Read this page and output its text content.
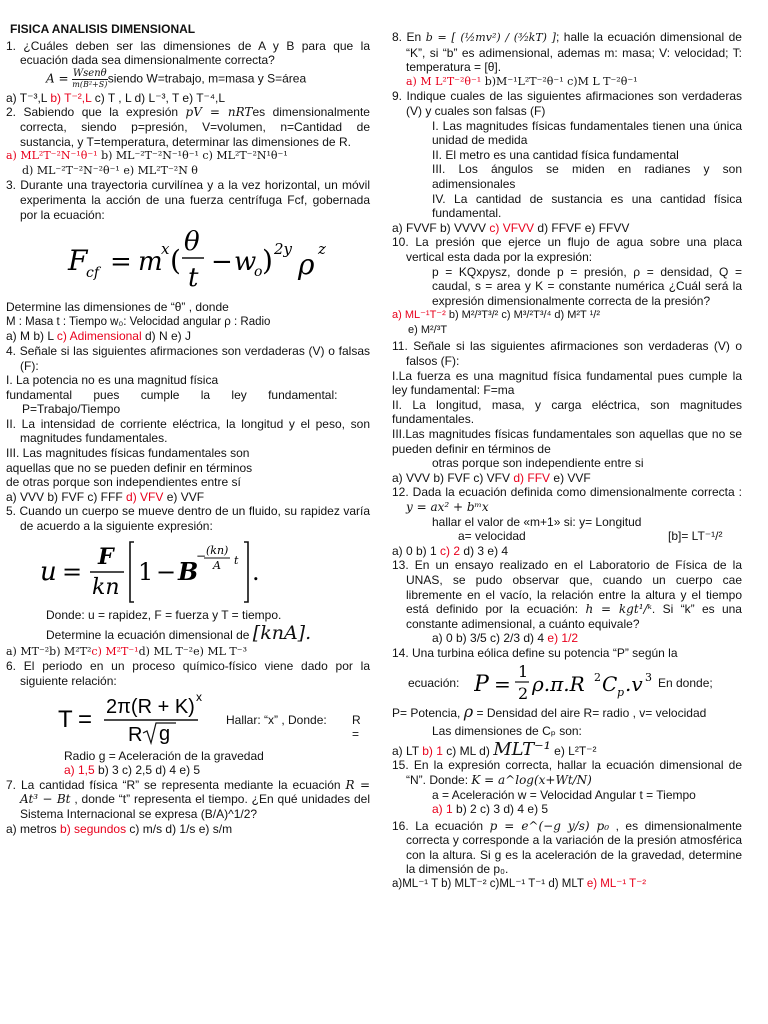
FISICA ANALISIS DIMENSIONAL

1. ¿Cuáles deben ser las dimensiones de A y B para que la ecuación dada sea dimensionalmente correcta?

$A = \frac{\text{Wsenθ}}{\text{m(B²+S)}}$ siendo W=trabajo, m=masa y S=área

a) T⁻³,L b) T⁻²,L c) T , L d) L⁻³, T e) T⁻⁴,L

2. Sabiendo que la expresión pV = nRTes dimensionalmente correcta, siendo p=presión, V=volumen, n=Cantidad de sustancia, y T=temperatura, determinar las dimensiones de R.

a) ML²T⁻²N⁻¹θ⁻¹ b) ML⁻²T⁻²N⁻¹θ⁻¹ c) ML²T⁻²N¹θ⁻¹

d) ML⁻²T⁻²N⁻²θ⁻¹ e) ML²T⁻²N θ

3. Durante una trayectoria curvilínea y a la vez horizontal, un móvil experimenta la acción de una fuerza centrífuga Fcf, gobernada por la ecuación:

F
cf = m
x (
θ
t
− w
o ) 2y ρ z

Determine las dimensiones de “θ” , donde

M : Masa t : Tiempo w₀: Velocidad angular ρ : Radio

a) M b) L c) Adimensional d) N e) J

4. Señale si las siguientes afirmaciones son verdaderas (V) o falsas (F):

I. La potencia no es una magnitud física

fundamental pues cumple la ley fundamental:

P=Trabajo/Tiempo

II. La intensidad de corriente eléctrica, la longitud y el peso, son magnitudes fundamentales.

III. Las magnitudes físicas fundamentales son

aquellas que no se pueden definir en términos

de otras porque son independientes entre sí

a) VVV b) FVF c) FFF d) VFV e) VVF

5. Cuando un cuerpo se mueve dentro de un fluido, su rapidez varía de acuerdo a la siguiente expresión:

u =
F
kn
1 − B
− (kn)
A t .

Donde: u = rapidez, F = fuerza y T = tiempo.

Determine la ecuación dimensional de [knA].

a) MT⁻²b) M²T²c) M²T⁻¹d) ML T⁻²e) ML T⁻³

6. El periodo en un proceso químico-físico viene dado por la siguiente relación:

T = 2π(R + K) x
R g
Hallar: “x” , Donde: R =

Radio g = Aceleración de la gravedad

a) 1,5 b) 3 c) 2,5 d) 4 e) 5

7. La cantidad física “R” se representa mediante la ecuación R = At³ − Bt , donde “t” representa el tiempo. ¿En qué unidades del Sistema Internacional se expresa (B/A)^1/2?

a) metros b) segundos c) m/s d) 1/s e) s/m

8. En b = [ (½mv²) / (³⁄₂kT) ]; halle la ecuación dimensional de “K”, si “b” es adimensional, ademas m: masa; V: velocidad; T: temperatura = [θ].

a) M L²T⁻²θ⁻¹ b)M⁻¹L²T⁻²θ⁻¹ c)M L T⁻²θ⁻¹

9. Indique cuales de las siguientes afirmaciones son verdaderas (V) y cuales son falsas (F)

I. Las magnitudes físicas fundamentales tienen una única unidad de medida

II. El metro es una cantidad física fundamental

III. Los ángulos se miden en radianes y son adimensionales

IV. La cantidad de sustancia es una cantidad física fundamental.

a) FVVF b) VVVV c) VFVV d) FFVF e) FFVV

10. La presión que ejerce un flujo de agua sobre una placa vertical esta dada por la expresión:

p = KQxρysz, donde p = presión, ρ = densidad, Q = caudal, s = area y K = constante numérica ¿Cuál será la expresión dimensionalmente correcta de la presión?

a) ML⁻¹T⁻² b) M²/³T³/² c) M³/²T³/⁴ d) M²T ¹/²

e) M²/³T

11. Señale si las siguientes afirmaciones son verdaderas (V) o falsos (F):

I.La fuerza es una magnitud física fundamental pues cumple la ley fundamental: F=ma

II. La longitud, masa, y carga eléctrica, son magnitudes fundamentales.

III.Las magnitudes físicas fundamentales son aquellas que no se pueden definir en términos de

otras porque son independiente entre si

a) VVV b) FVF c) VFV d) FFV e) VVF

12. Dada la ecuación definida como dimensionalmente correcta : y = ax² + bᵐx

hallar el valor de «m+1» si: y= Longitud

a= velocidad	[b]= LT⁻¹/²

a) 0 b) 1 c) 2 d) 3 e) 4

13. En un ensayo realizado en el Laboratorio de Física de la UNAS, se pudo observar que, cuando un cuerpo cae libremente en el vacío, la relación entre la altura y el tiempo está definido por la ecuación: h = kgt¹/ᵏ. Si “k” es una constante adimensional, a cuánto equivale?

a) 0 b) 3/5 c) 2/3 d) 4 e) 1/2

14. Una turbina eólica define su potencia “P” según la

ecuación: P =
1
2 ρ.π.R 2 C p .v 3 En donde;

P= Potencia, ρ = Densidad del aire R= radio , v= velocidad

Las dimensiones de Cₚ son:

a) LT b) 1 c) ML d) MLT⁻¹ e) L²T⁻²

15. En la expresión correcta, hallar la ecuación dimensional de “N”. Donde: K = a^log(x+Wt/N)

a = Aceleración w = Velocidad Angular t = Tiempo

a) 1 b) 2 c) 3 d) 4 e) 5

16. La ecuación p = e^(−g y/s) p₀ , es dimensionalmente correcta y corresponde a la variación de la presión atmosférica con la altura. Si g es la aceleración de la gravedad, determine la dimensión de p₀.

a)ML⁻¹ T b) MLT⁻² c)ML⁻¹ T⁻¹ d) MLT e) ML⁻¹ T⁻²
